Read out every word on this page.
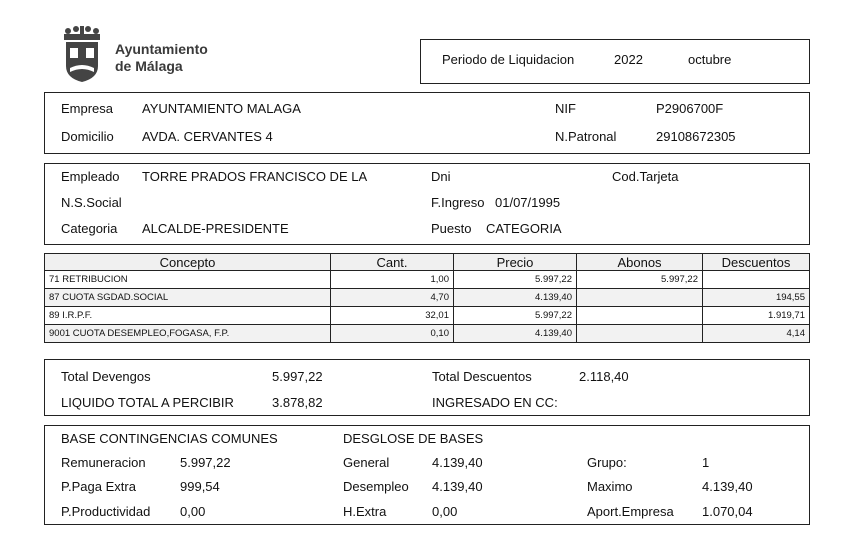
Ayuntamiento
de Málaga	Periodo de Liquidacion	2022	octubre
Empresa AYUNTAMIENTO MALAGA	NIF	P2906700F
Domicilio AVDA. CERVANTES 4	N.Patronal	29108672305
Empleado TORRE PRADOS FRANCISCO DE LA	Dni	Cod.Tarjeta
N.S.Social	F.Ingreso 01/07/1995
Categoria ALCALDE-PRESIDENTE	Puesto CATEGORIA
Concepto	Cant.	Precio	Abonos	Descuentos
71 RETRIBUCION	1,00	5.997,22	5.997,22	
87 CUOTA SGDAD.SOCIAL	4,70	4.139,40		194,55
89 I.R.P.F.	32,01	5.997,22		1.919,71
9001 CUOTA DESEMPLEO,FOGASA, F.P.	0,10	4.139,40		4,14
Total Devengos	5.997,22	Total Descuentos	2.118,40
LIQUIDO TOTAL A PERCIBIR	3.878,82	INGRESADO EN CC:
BASE CONTINGENCIAS COMUNES	DESGLOSE DE BASES
Remuneracion	5.997,22	General	4.139,40	Grupo:	1
P.Paga Extra	999,54	Desempleo 4.139,40	Maximo	4.139,40
P.Productividad 0,00	H.Extra	0,00	Aport.Empresa 1.070,04
